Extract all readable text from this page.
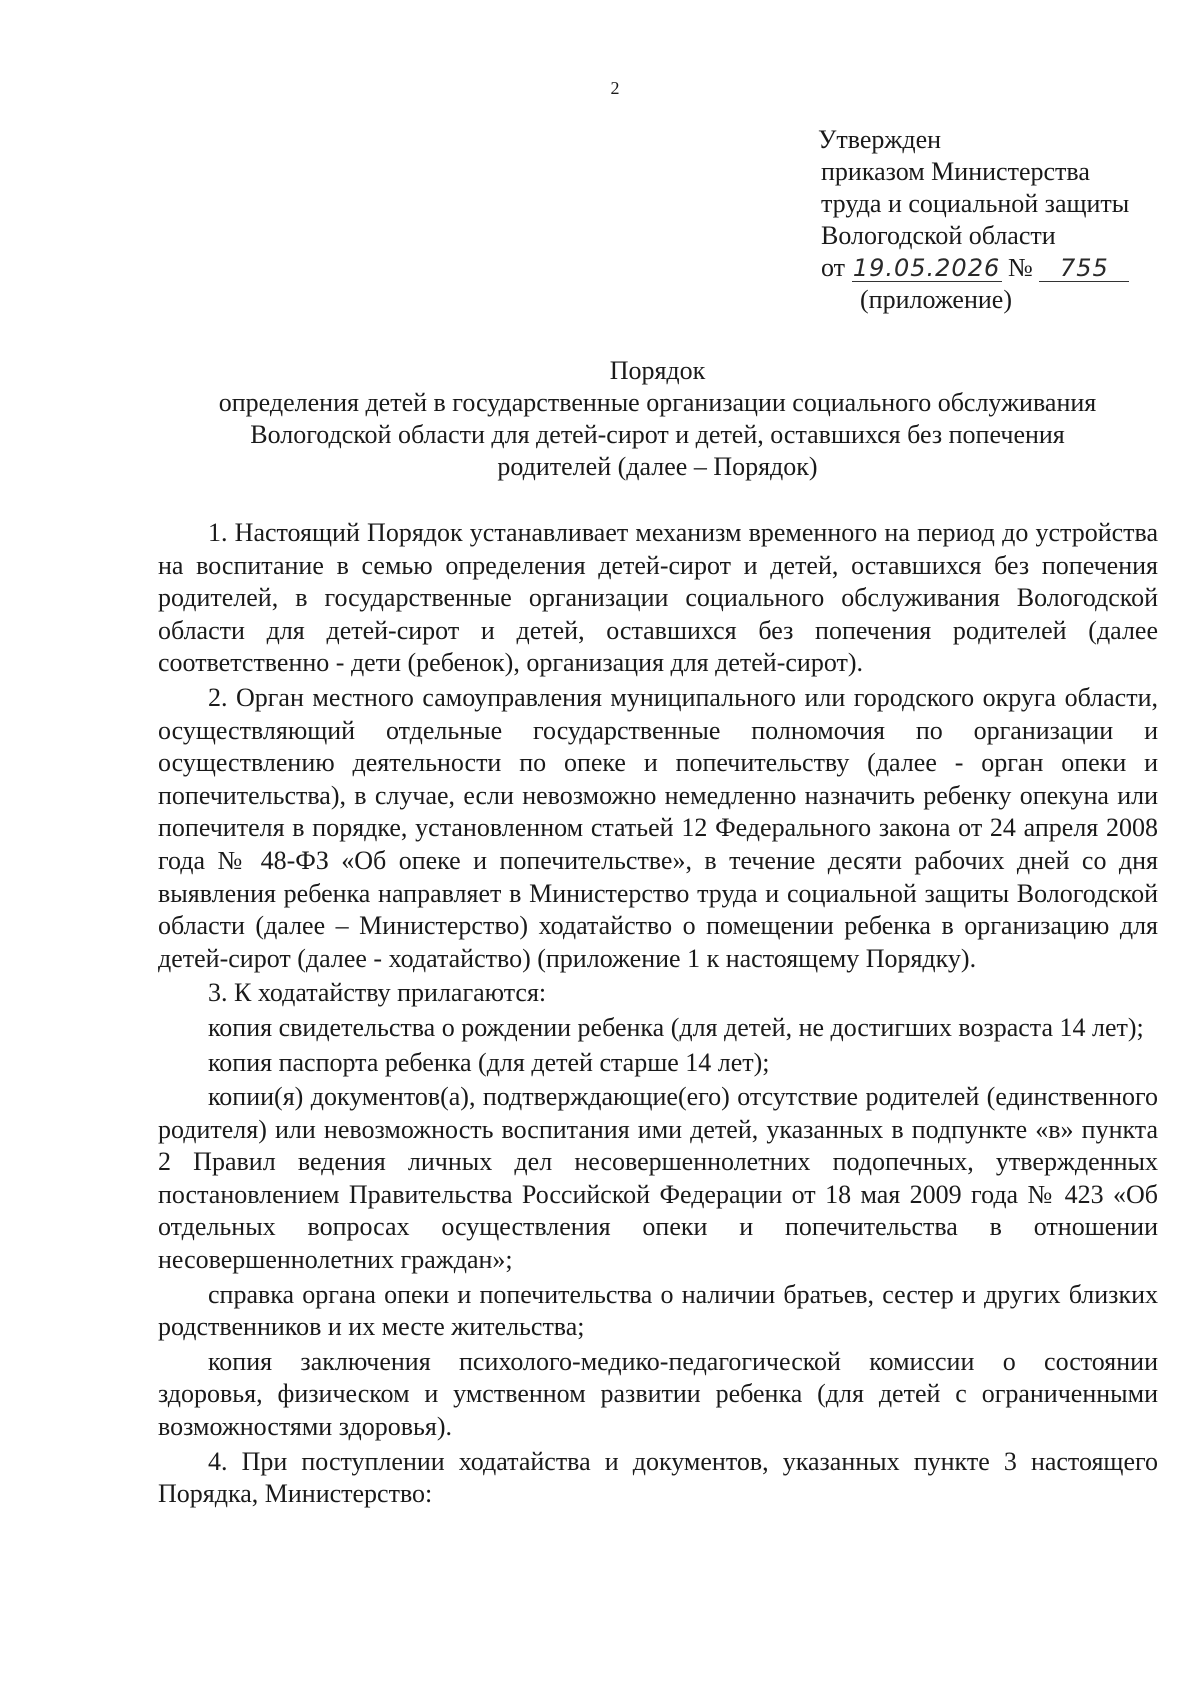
2
Утвержден
приказом Министерства
труда и социальной защиты
Вологодской области
от 19.05.2026 № 755
(приложение)
Порядок
определения детей в государственные организации социального обслуживания
Вологодской области для детей-сирот и детей, оставшихся без попечения
родителей (далее – Порядок)

1. Настоящий Порядок устанавливает механизм временного на период до устройства на воспитание в семью определения детей-сирот и детей, оставшихся без попечения родителей, в государственные организации социального обслуживания Вологодской области для детей-сирот и детей, оставшихся без попечения родителей (далее соответственно - дети (ребенок), организация для детей-сирот).

2. Орган местного самоуправления муниципального или городского округа области, осуществляющий отдельные государственные полномочия по организации и осуществлению деятельности по опеке и попечительству (далее - орган опеки и попечительства), в случае, если невозможно немедленно назначить ребенку опекуна или попечителя в порядке, установленном статьей 12 Федерального закона от 24 апреля 2008 года № 48-ФЗ «Об опеке и попечительстве», в течение десяти рабочих дней со дня выявления ребенка направляет в Министерство труда и социальной защиты Вологодской области (далее – Министерство) ходатайство о помещении ребенка в организацию для детей-сирот (далее - ходатайство) (приложение 1 к настоящему Порядку).

3. К ходатайству прилагаются:

копия свидетельства о рождении ребенка (для детей, не достигших возраста 14 лет);

копия паспорта ребенка (для детей старше 14 лет);

копии(я) документов(а), подтверждающие(его) отсутствие родителей (единственного родителя) или невозможность воспитания ими детей, указанных в подпункте «в» пункта 2 Правил ведения личных дел несовершеннолетних подопечных, утвержденных постановлением Правительства Российской Федерации от 18 мая 2009 года № 423 «Об отдельных вопросах осуществления опеки и попечительства в отношении несовершеннолетних граждан»;

справка органа опеки и попечительства о наличии братьев, сестер и других близких родственников и их месте жительства;

копия заключения психолого-медико-педагогической комиссии о состоянии здоровья, физическом и умственном развитии ребенка (для детей с ограниченными возможностями здоровья).

4. При поступлении ходатайства и документов, указанных пункте 3 настоящего Порядка, Министерство:
